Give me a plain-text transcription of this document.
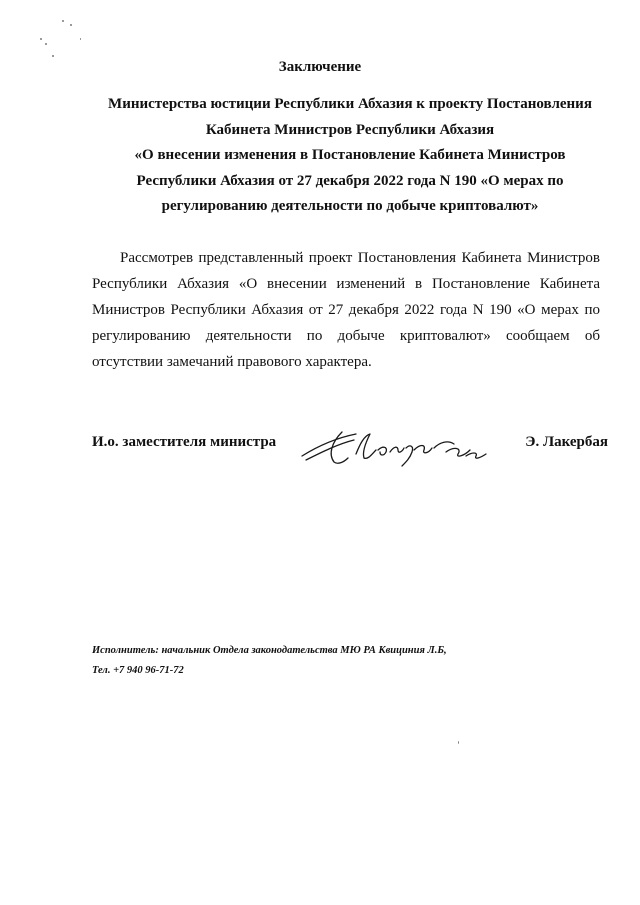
Заключение
Министерства юстиции Республики Абхазия к проекту Постановления
Кабинета Министров Республики Абхазия
«О внесении изменения в Постановление Кабинета Министров
Республики Абхазия от 27 декабря 2022 года N 190 «О мерах по
регулированию деятельности по добыче криптовалют»
Рассмотрев представленный проект Постановления Кабинета Министров
Республики Абхазия «О внесении изменений в Постановление Кабинета
Министров Республики Абхазия от 27 декабря 2022 года N 190 «О мерах по
регулированию деятельности по добыче криптовалют» сообщаем об
отсутствии замечаний правового характера.
И.о. заместителя министра	Э. Лакербая
Исполнитель: начальник Отдела законодательства МЮ РА Квициния Л.Б,
Тел. +7 940 96-71-72
